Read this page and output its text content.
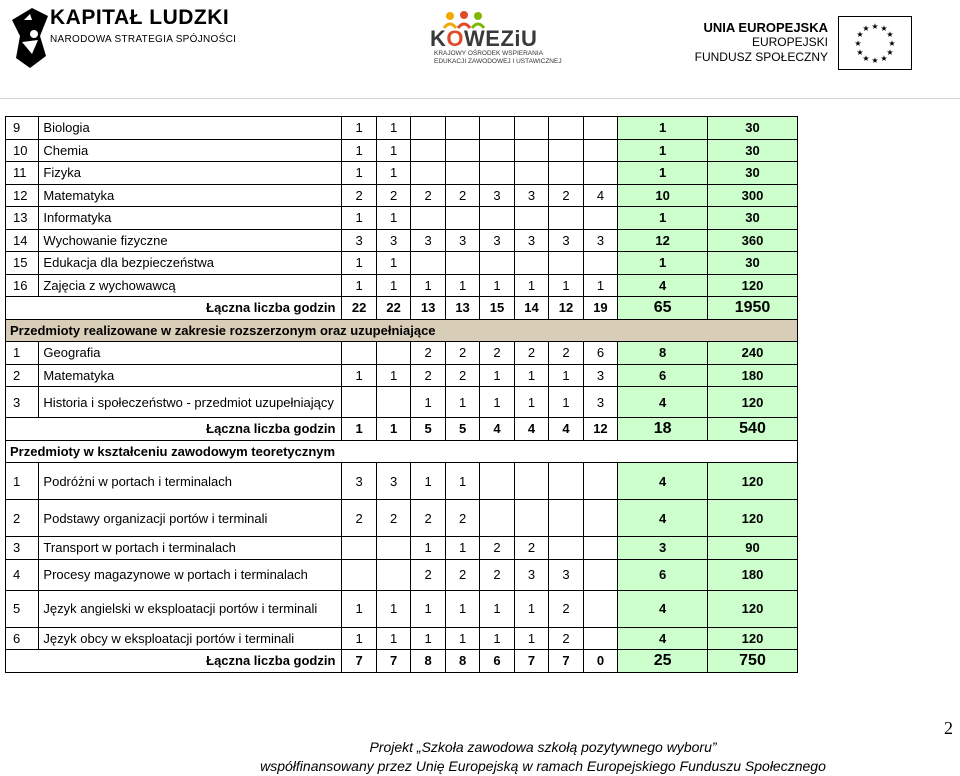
KAPITAŁ LUDZKI
NARODOWA STRATEGIA SPÓJNOŚCI	KOWEZiU
KRAJOWY OŚRODEK WSPIERANIA
EDUKACJI ZAWODOWEJ I USTAWICZNEJ
UNIA EUROPEJSKA
EUROPEJSKI
FUNDUSZ SPOŁECZNY
★ ★
★
★
★
★
★
★
★
★
★
★
9	Biologia	1	1							1	30
10	Chemia	1	1							1	30
11	Fizyka	1	1							1	30
12	Matematyka	2	2	2	2	3	3	2	4	10	300
13	Informatyka	1	1							1	30
14	Wychowanie fizyczne	3	3	3	3	3	3	3	3	12	360
15	Edukacja dla bezpieczeństwa	1	1							1	30
16	Zajęcia z wychowawcą	1	1	1	1	1	1	1	1	4	120
Łączna liczba godzin		22	22	13	13	15	14	12	19	65	1950
Przedmioty realizowane w zakresie rozszerzonym oraz uzupełniające											
1	Geografia			2	2	2	2	2	6	8	240
2	Matematyka	1	1	2	2	1	1	1	3	6	180
3	Historia i społeczeństwo - przedmiot uzupełniający			1	1	1	1	1	3	4	120
Łączna liczba godzin		1	1	5	5	4	4	4	12	18	540
Przedmioty w kształceniu zawodowym teoretycznym											
1	Podróżni w portach i terminalach	3	3	1	1					4	120
2	Podstawy organizacji portów i terminali	2	2	2	2					4	120
3	Transport w portach i terminalach			1	1	2	2			3	90
4	Procesy magazynowe w portach i terminalach			2	2	2	3	3		6	180
5	Język angielski w eksploatacji portów i terminali	1	1	1	1	1	1	2		4	120
6	Język obcy w eksploatacji portów i terminali	1	1	1	1	1	1	2		4	120
Łączna liczba godzin		7	7	8	8	6	7	7	0	25	750
2
Projekt „Szkoła zawodowa szkołą pozytywnego wyboru”
współfinansowany przez Unię Europejską w ramach Europejskiego Funduszu Społecznego
